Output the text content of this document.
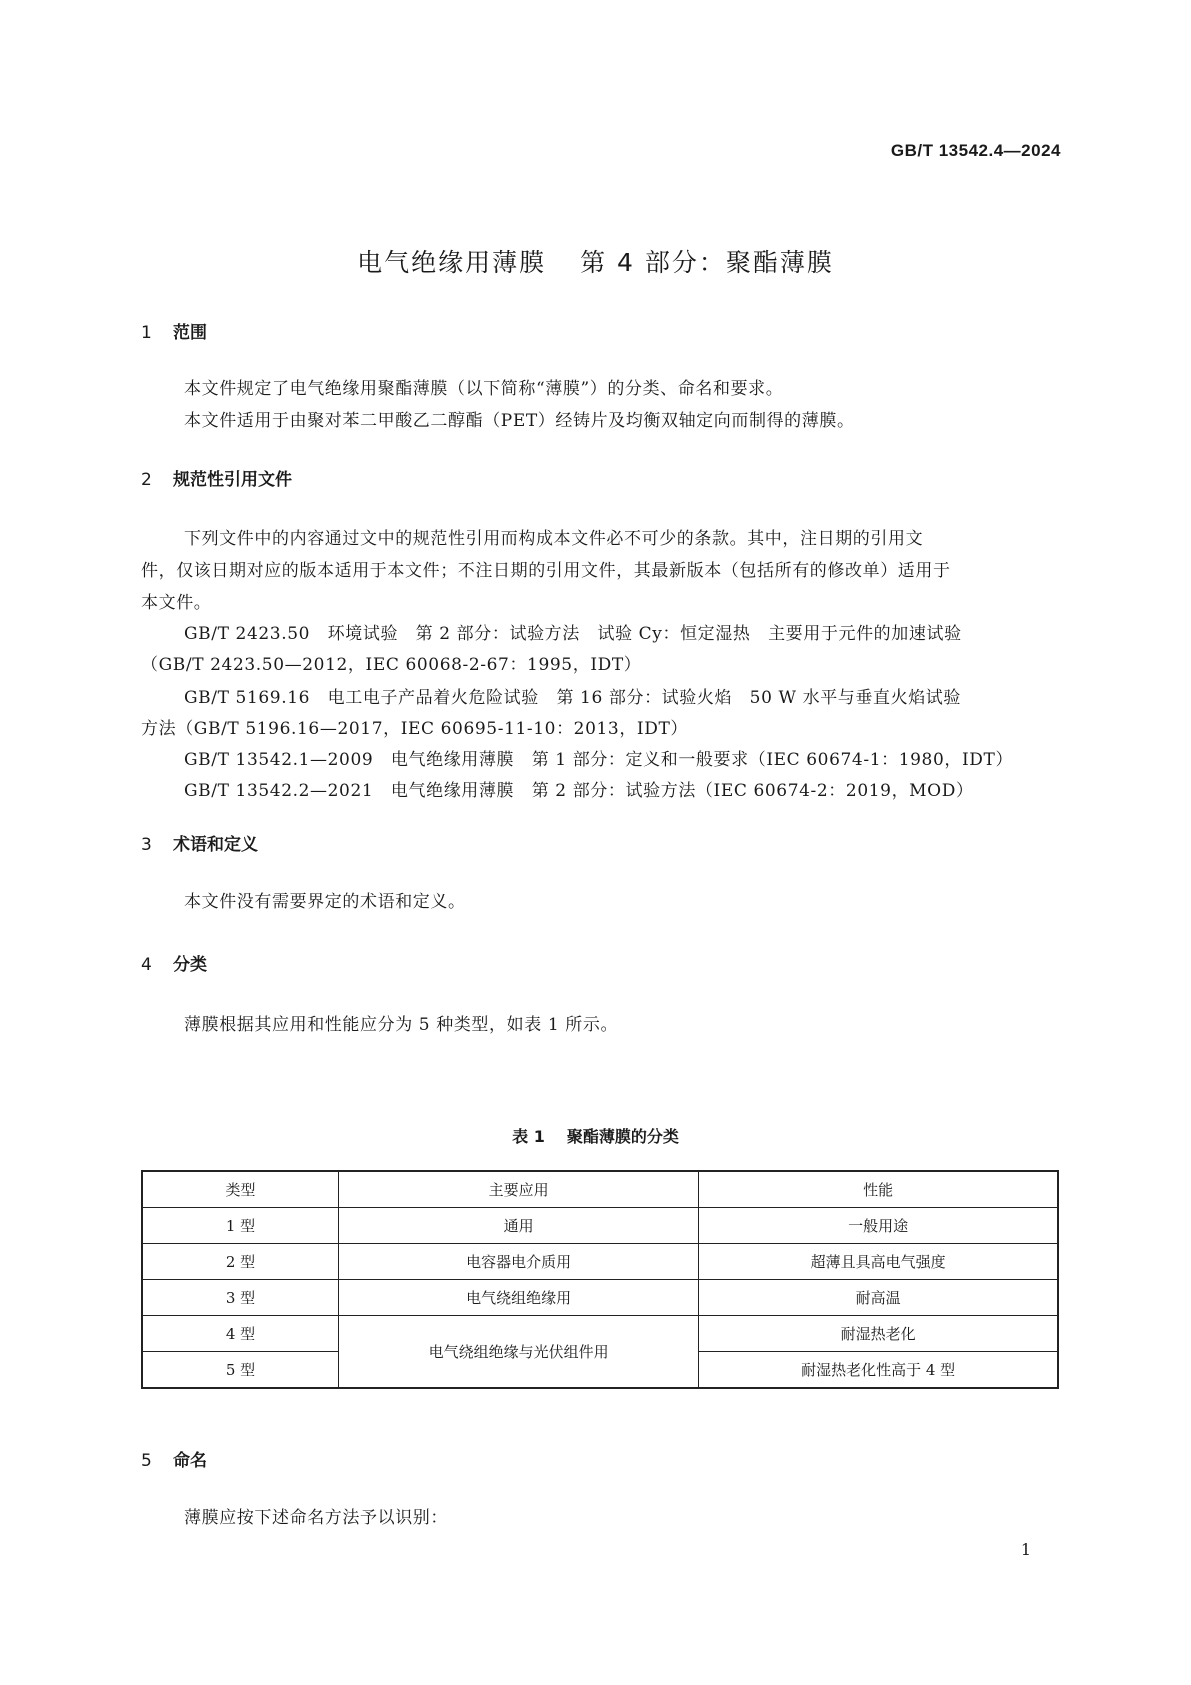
GB/T 13542.4—2024
电气绝缘用薄膜 第 4 部分：聚酯薄膜
1 范围
本文件规定了电气绝缘用聚酯薄膜（以下简称“薄膜”）的分类、命名和要求。
本文件适用于由聚对苯二甲酸乙二醇酯（PET）经铸片及均衡双轴定向而制得的薄膜。
2 规范性引用文件
下列文件中的内容通过文中的规范性引用而构成本文件必不可少的条款。其中，注日期的引用文
件，仅该日期对应的版本适用于本文件；不注日期的引用文件，其最新版本（包括所有的修改单）适用于
本文件。
GB/T 2423.50　环境试验　第 2 部分：试验方法　试验 Cy：恒定湿热　主要用于元件的加速试验
（GB/T 2423.50—2012，IEC 60068-2-67：1995，IDT）
GB/T 5169.16　电工电子产品着火危险试验　第 16 部分：试验火焰　50 W 水平与垂直火焰试验
方法（GB/T 5196.16—2017，IEC 60695-11-10：2013，IDT）
GB/T 13542.1—2009　电气绝缘用薄膜　第 1 部分：定义和一般要求（IEC 60674-1：1980，IDT）
GB/T 13542.2—2021　电气绝缘用薄膜　第 2 部分：试验方法（IEC 60674-2：2019，MOD）
3 术语和定义
本文件没有需要界定的术语和定义。
4 分类
薄膜根据其应用和性能应分为 5 种类型，如表 1 所示。
表 1 聚酯薄膜的分类
类型	主要应用	性能
1 型	通用	一般用途
2 型	电容器电介质用	超薄且具高电气强度
3 型	电气绕组绝缘用	耐高温
4 型	电气绕组绝缘与光伏组件用	耐湿热老化
5 型		耐湿热老化性高于 4 型
5 命名
薄膜应按下述命名方法予以识别：
1
